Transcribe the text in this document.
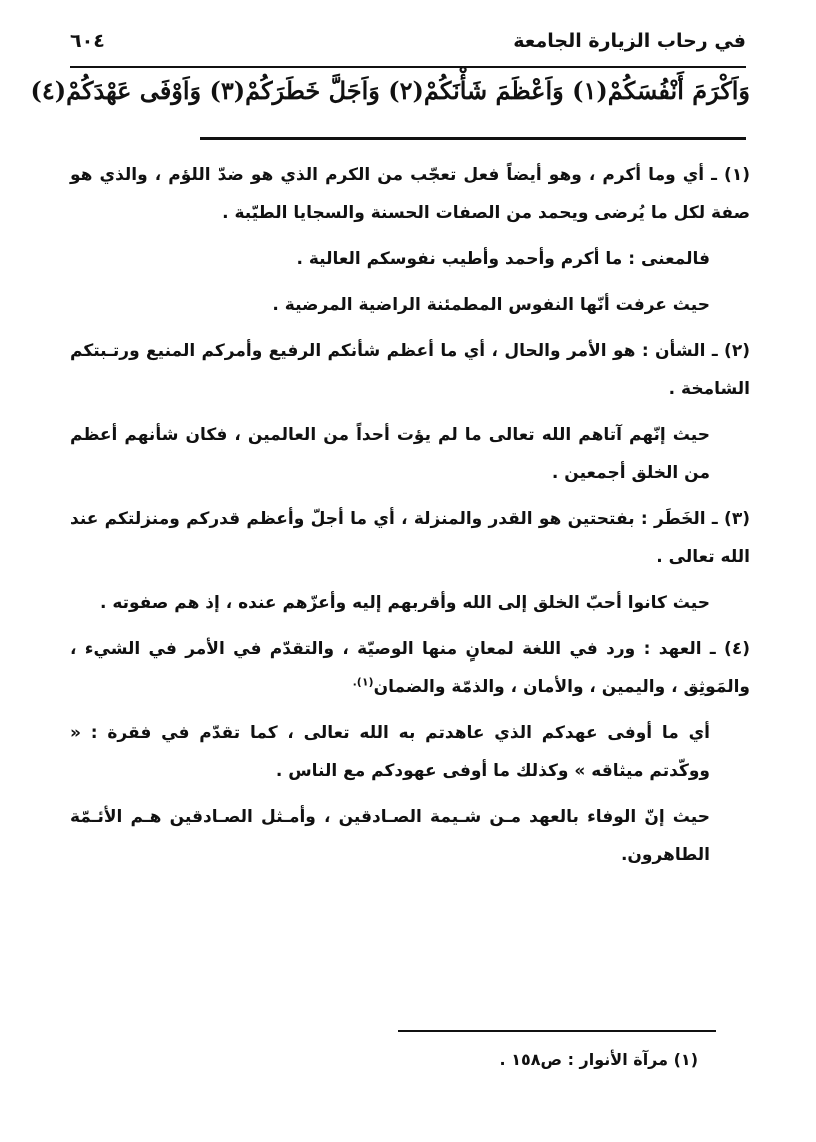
في رحاب الزيارة الجامعة
٦٠٤
وَاَكْرَمَ أَنْفُسَكُمْ(١) وَاَعْظَمَ شَأْنَكُمْ(٢) وَاَجَلَّ خَطَرَكُمْ(٣) وَاَوْفَى عَهْدَكُمْ(٤)

(١) ـ أي وما أكرم ، وهو أيضاً فعل تعجّب من الكرم الذي هو ضدّ اللؤم ، والذي هو صفة لكل ما يُرضى ويحمد من الصفات الحسنة والسجايا الطيّبة .

فالمعنى : ما أكرم وأحمد وأطيب نفوسكم العالية .

حيث عرفت أنّها النفوس المطمئنة الراضية المرضية .

(٢) ـ الشأن : هو الأمر والحال ، أي ما أعظم شأنكم الرفيع وأمركم المنيع ورتـبتكم الشامخة .

حيث إنّهم آتاهم الله تعالى ما لم يؤت أحداً من العالمين ، فكان شأنهم أعظم من الخلق أجمعين .

(٣) ـ الخَطَر : بفتحتين هو القدر والمنزلة ، أي ما أجلّ وأعظم قدركم ومنزلتكم عند الله تعالى .

حيث كانوا أحبّ الخلق إلى الله وأقربهم إليه وأعزّهم عنده ، إذ هم صفوته .

(٤) ـ العهد : ورد في اللغة لمعانٍ منها الوصيّة ، والتقدّم في الأمر في الشيء ، والمَوثِق ، واليمين ، والأمان ، والذمّة والضمان$^{(١).}$

أي ما أوفى عهدكم الذي عاهدتم به الله تعالى ، كما تقدّم في فقرة : « ووكّدتم ميثاقه » وكذلك ما أوفى عهودكم مع الناس .

حيث إنّ الوفاء بالعهد مـن شـيمة الصـادقين ، وأمـثل الصـادقين هـم الأئـمّة الطاهرون.

(١) مرآة الأنوار : ص١٥٨ .
